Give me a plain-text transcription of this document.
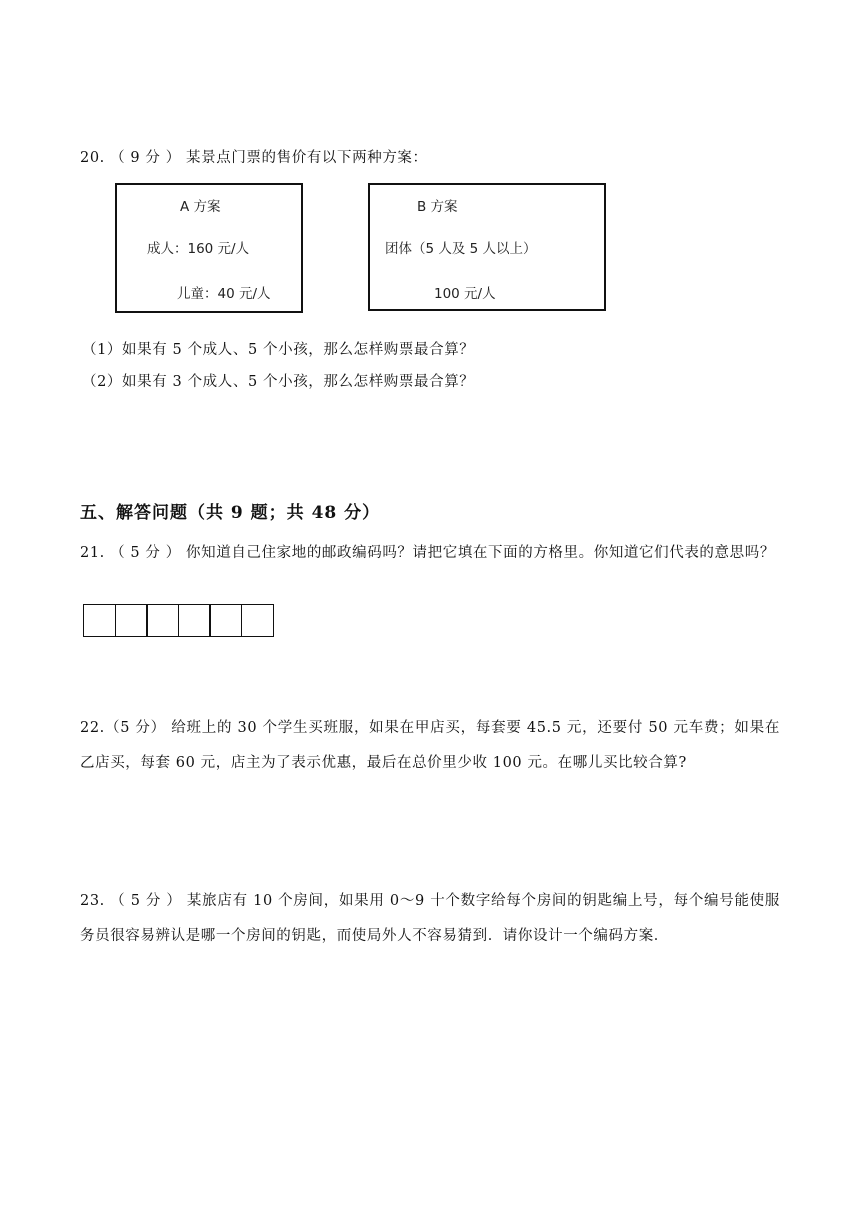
20. （ 9 分 ） 某景点门票的售价有以下两种方案：
A 方案
成人：160 元/人
儿童：40 元/人
B 方案
团体（5 人及 5 人以上）
100 元/人
（1）如果有 5 个成人、5 个小孩，那么怎样购票最合算？
（2）如果有 3 个成人、5 个小孩，那么怎样购票最合算？
五、解答问题（共 9 题；共 48 分）
21. （ 5 分 ） 你知道自己住家地的邮政编码吗？请把它填在下面的方格里。你知道它们代表的意思吗？
22.（5 分） 给班上的 30 个学生买班服，如果在甲店买，每套要 45.5 元，还要付 50 元车费；如果在乙店买，每套 60 元，店主为了表示优惠，最后在总价里少收 100 元。在哪儿买比较合算?
23. （ 5 分 ） 某旅店有 10 个房间，如果用 0～9 十个数字给每个房间的钥匙编上号，每个编号能使服务员很容易辨认是哪一个房间的钥匙，而使局外人不容易猜到．请你设计一个编码方案．
